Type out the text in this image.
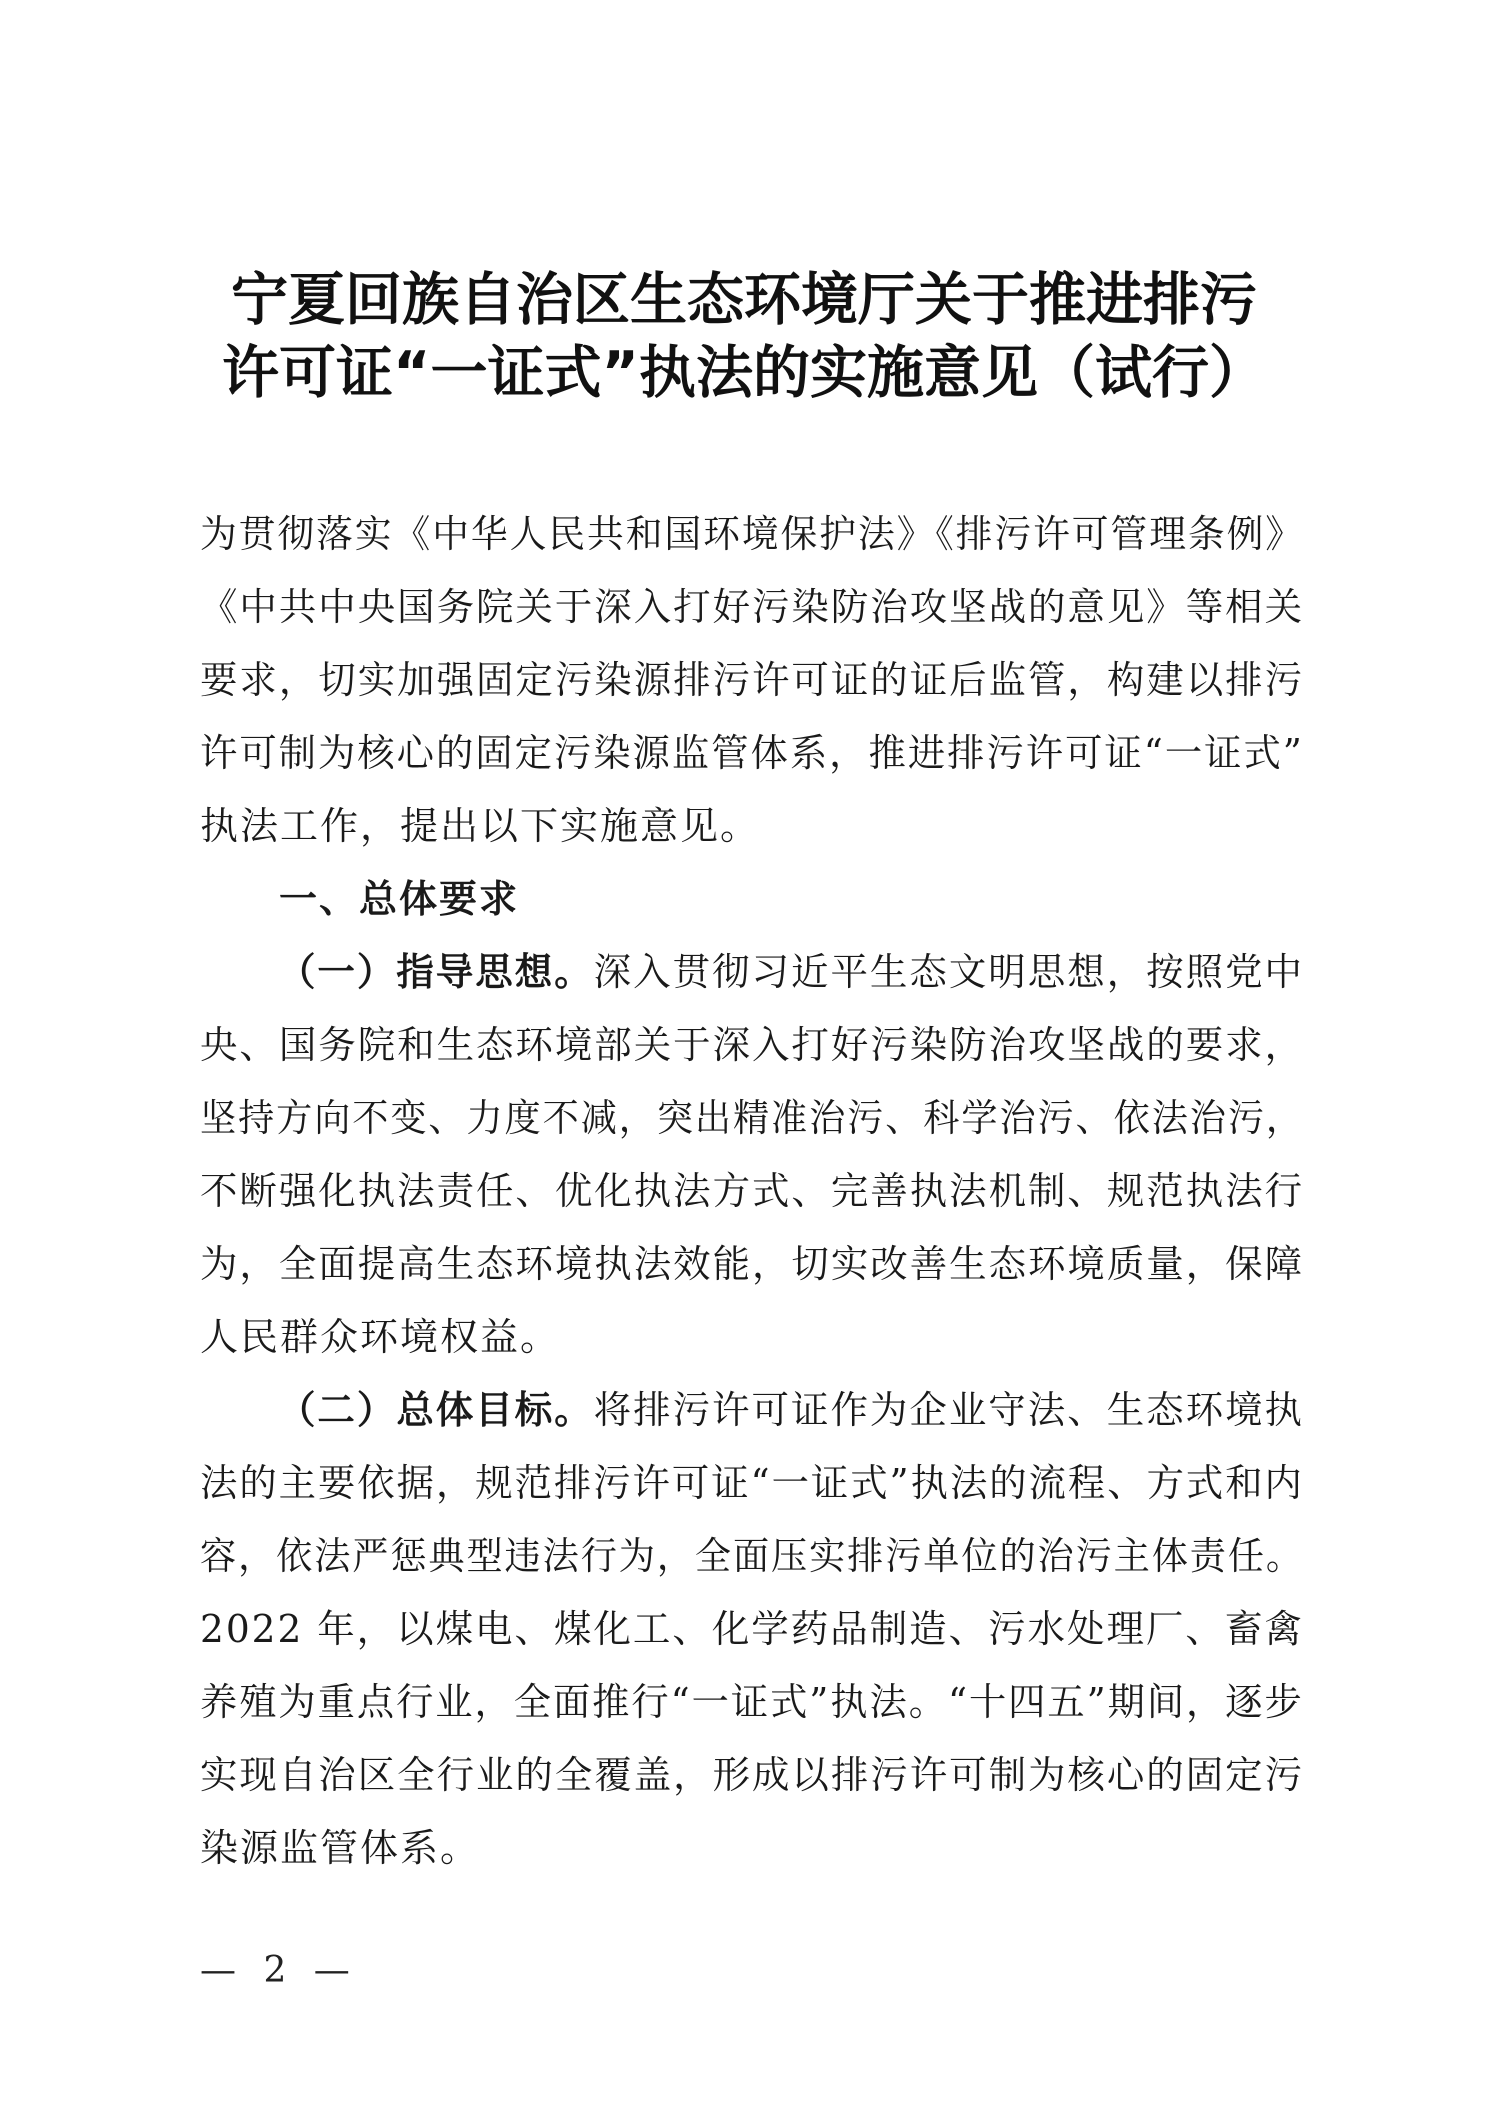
宁夏回族自治区生态环境厅关于推进排污
许可证“一证式”执法的实施意见（试行）
为贯彻落实《中华人民共和国环境保护法》《排污许可管理条例》
《中共中央国务院关于深入打好污染防治攻坚战的意见》等相关
要求，切实加强固定污染源排污许可证的证后监管，构建以排污
许可制为核心的固定污染源监管体系，推进排污许可证“一证式”
执法工作，提出以下实施意见。
一、总体要求
（一）指导思想。深入贯彻习近平生态文明思想，按照党中
央、国务院和生态环境部关于深入打好污染防治攻坚战的要求，
坚持方向不变、力度不减，突出精准治污、科学治污、依法治污，
不断强化执法责任、优化执法方式、完善执法机制、规范执法行
为，全面提高生态环境执法效能，切实改善生态环境质量，保障
人民群众环境权益。
（二）总体目标。将排污许可证作为企业守法、生态环境执
法的主要依据，规范排污许可证“一证式”执法的流程、方式和内
容，依法严惩典型违法行为，全面压实排污单位的治污主体责任。
2022 年，以煤电、煤化工、化学药品制造、污水处理厂、畜禽
养殖为重点行业，全面推行“一证式”执法。“十四五”期间，逐步
实现自治区全行业的全覆盖，形成以排污许可制为核心的固定污
染源监管体系。
— 2 —
